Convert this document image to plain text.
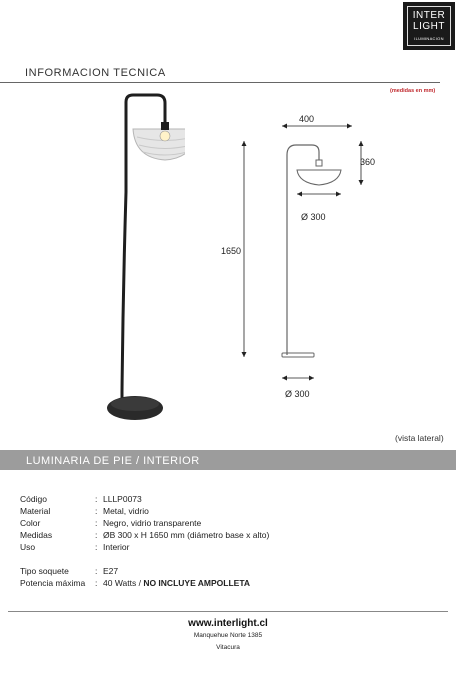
INTER
LIGHT
ILUMINACION
INFORMACION TECNICA
(medidas en mm)
400
360
Ø 300
1650
Ø 300
(vista lateral)
LUMINARIA DE PIE / INTERIOR
Código	: LLLP0073
Material	: Metal, vidrio
Color	: Negro, vidrio transparente
Medidas	: ØB 300 x H 1650 mm (diámetro base x alto)
Uso	: Interior
Tipo soquete	: E27
Potencia máxima : 40 Watts / NO INCLUYE AMPOLLETA
www.interlight.cl
Manquehue Norte 1385
Vitacura
